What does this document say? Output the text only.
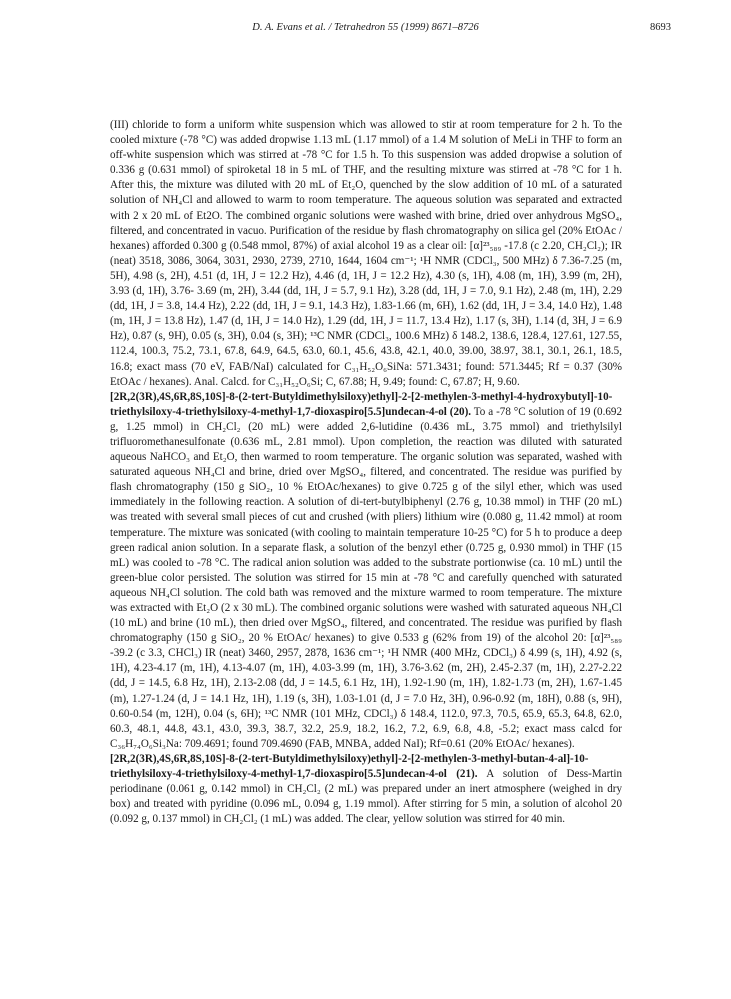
D. A. Evans et al. / Tetrahedron 55 (1999) 8671–8726	8693

(III) chloride to form a uniform white suspension which was allowed to stir at room temperature for 2 h. To the cooled mixture (-78 °C) was added dropwise 1.13 mL (1.17 mmol) of a 1.4 M solution of MeLi in THF to form an off-white suspension which was stirred at -78 °C for 1.5 h. To this suspension was added dropwise a solution of 0.336 g (0.631 mmol) of spiroketal 18 in 5 mL of THF, and the resulting mixture was stirred at -78 °C for 1 h. After this, the mixture was diluted with 20 mL of Et₂O, quenched by the slow addition of 10 mL of a saturated solution of NH₄Cl and allowed to warm to room temperature. The aqueous solution was separated and extracted with 2 x 20 mL of Et2O. The combined organic solutions were washed with brine, dried over anhydrous MgSO₄, filtered, and concentrated in vacuo. Purification of the residue by flash chromatography on silica gel (20% EtOAc / hexanes) afforded 0.300 g (0.548 mmol, 87%) of axial alcohol 19 as a clear oil: [α]²³₅₈₉ -17.8 (c 2.20, CH₂Cl₂); IR (neat) 3518, 3086, 3064, 3031, 2930, 2739, 2710, 1644, 1604 cm⁻¹; ¹H NMR (CDCl₃, 500 MHz) δ 7.36-7.25 (m, 5H), 4.98 (s, 2H), 4.51 (d, 1H, J = 12.2 Hz), 4.46 (d, 1H, J = 12.2 Hz), 4.30 (s, 1H), 4.08 (m, 1H), 3.99 (m, 2H), 3.93 (d, 1H), 3.76- 3.69 (m, 2H), 3.44 (dd, 1H, J = 5.7, 9.1 Hz), 3.28 (dd, 1H, J = 7.0, 9.1 Hz), 2.48 (m, 1H), 2.29 (dd, 1H, J = 3.8, 14.4 Hz), 2.22 (dd, 1H, J = 9.1, 14.3 Hz), 1.83-1.66 (m, 6H), 1.62 (dd, 1H, J = 3.4, 14.0 Hz), 1.48 (m, 1H, J = 13.8 Hz), 1.47 (d, 1H, J = 14.0 Hz), 1.29 (dd, 1H, J = 11.7, 13.4 Hz), 1.17 (s, 3H), 1.14 (d, 3H, J = 6.9 Hz), 0.87 (s, 9H), 0.05 (s, 3H), 0.04 (s, 3H); ¹³C NMR (CDCl₃, 100.6 MHz) δ 148.2, 138.6, 128.4, 127.61, 127.55, 112.4, 100.3, 75.2, 73.1, 67.8, 64.9, 64.5, 63.0, 60.1, 45.6, 43.8, 42.1, 40.0, 39.00, 38.97, 38.1, 30.1, 26.1, 18.5, 16.8; exact mass (70 eV, FAB/NaI) calculated for C₃₁H₅₂O₆SiNa: 571.3431; found: 571.3445; Rf = 0.37 (30% EtOAc / hexanes). Anal. Calcd. for C₃₁H₅₂O₆Si; C, 67.88; H, 9.49; found: C, 67.87; H, 9.60.

[2R,2(3R),4S,6R,8S,10S]-8-(2-tert-Butyldimethylsiloxy)ethyl]-2-[2-methylen-3-methyl-4-hydroxybutyl]-10-triethylsiloxy-4-triethylsiloxy-4-methyl-1,7-dioxaspiro[5.5]undecan-4-ol (20). To a -78 °C solution of 19 (0.692 g, 1.25 mmol) in CH₂Cl₂ (20 mL) were added 2,6-lutidine (0.436 mL, 3.75 mmol) and triethylsilyl trifluoromethanesulfonate (0.636 mL, 2.81 mmol). Upon completion, the reaction was diluted with saturated aqueous NaHCO₃ and Et₂O, then warmed to room temperature. The organic solution was separated, washed with saturated aqueous NH₄Cl and brine, dried over MgSO₄, filtered, and concentrated. The residue was purified by flash chromatography (150 g SiO₂, 10 % EtOAc/hexanes) to give 0.725 g of the silyl ether, which was used immediately in the following reaction. A solution of di-tert-butylbiphenyl (2.76 g, 10.38 mmol) in THF (20 mL) was treated with several small pieces of cut and crushed (with pliers) lithium wire (0.080 g, 11.42 mmol) at room temperature. The mixture was sonicated (with cooling to maintain temperature 10-25 °C) for 5 h to produce a deep green radical anion solution. In a separate flask, a solution of the benzyl ether (0.725 g, 0.930 mmol) in THF (15 mL) was cooled to -78 °C. The radical anion solution was added to the substrate portionwise (ca. 10 mL) until the green-blue color persisted. The solution was stirred for 15 min at -78 °C and carefully quenched with saturated aqueous NH₄Cl solution. The cold bath was removed and the mixture warmed to room temperature. The mixture was extracted with Et₂O (2 x 30 mL). The combined organic solutions were washed with saturated aqueous NH₄Cl (10 mL) and brine (10 mL), then dried over MgSO₄, filtered, and concentrated. The residue was purified by flash chromatography (150 g SiO₂, 20 % EtOAc/ hexanes) to give 0.533 g (62% from 19) of the alcohol 20: [α]²³₅₈₉ -39.2 (c 3.3, CHCl₃) IR (neat) 3460, 2957, 2878, 1636 cm⁻¹; ¹H NMR (400 MHz, CDCl₃) δ 4.99 (s, 1H), 4.92 (s, 1H), 4.23-4.17 (m, 1H), 4.13-4.07 (m, 1H), 4.03-3.99 (m, 1H), 3.76-3.62 (m, 2H), 2.45-2.37 (m, 1H), 2.27-2.22 (dd, J = 14.5, 6.8 Hz, 1H), 2.13-2.08 (dd, J = 14.5, 6.1 Hz, 1H), 1.92-1.90 (m, 1H), 1.82-1.73 (m, 2H), 1.67-1.45 (m), 1.27-1.24 (d, J = 14.1 Hz, 1H), 1.19 (s, 3H), 1.03-1.01 (d, J = 7.0 Hz, 3H), 0.96-0.92 (m, 18H), 0.88 (s, 9H), 0.60-0.54 (m, 12H), 0.04 (s, 6H); ¹³C NMR (101 MHz, CDCl₃) δ 148.4, 112.0, 97.3, 70.5, 65.9, 65.3, 64.8, 62.0, 60.3, 48.1, 44.8, 43.1, 43.0, 39.3, 38.7, 32.2, 25.9, 18.2, 16.2, 7.2, 6.9, 6.8, 4.8, -5.2; exact mass calcd for C₃₆H₇₄O₆Si₃Na: 709.4691; found 709.4690 (FAB, MNBA, added NaI); Rf=0.61 (20% EtOAc/ hexanes).

[2R,2(3R),4S,6R,8S,10S]-8-(2-tert-Butyldimethylsiloxy)ethyl]-2-[2-methylen-3-methyl-butan-4-al]-10-triethylsiloxy-4-triethylsiloxy-4-methyl-1,7-dioxaspiro[5.5]undecan-4-ol (21). A solution of Dess-Martin periodinane (0.061 g, 0.142 mmol) in CH₂Cl₂ (2 mL) was prepared under an inert atmosphere (weighed in dry box) and treated with pyridine (0.096 mL, 0.094 g, 1.19 mmol). After stirring for 5 min, a solution of alcohol 20 (0.092 g, 0.137 mmol) in CH₂Cl₂ (1 mL) was added. The clear, yellow solution was stirred for 40 min.
